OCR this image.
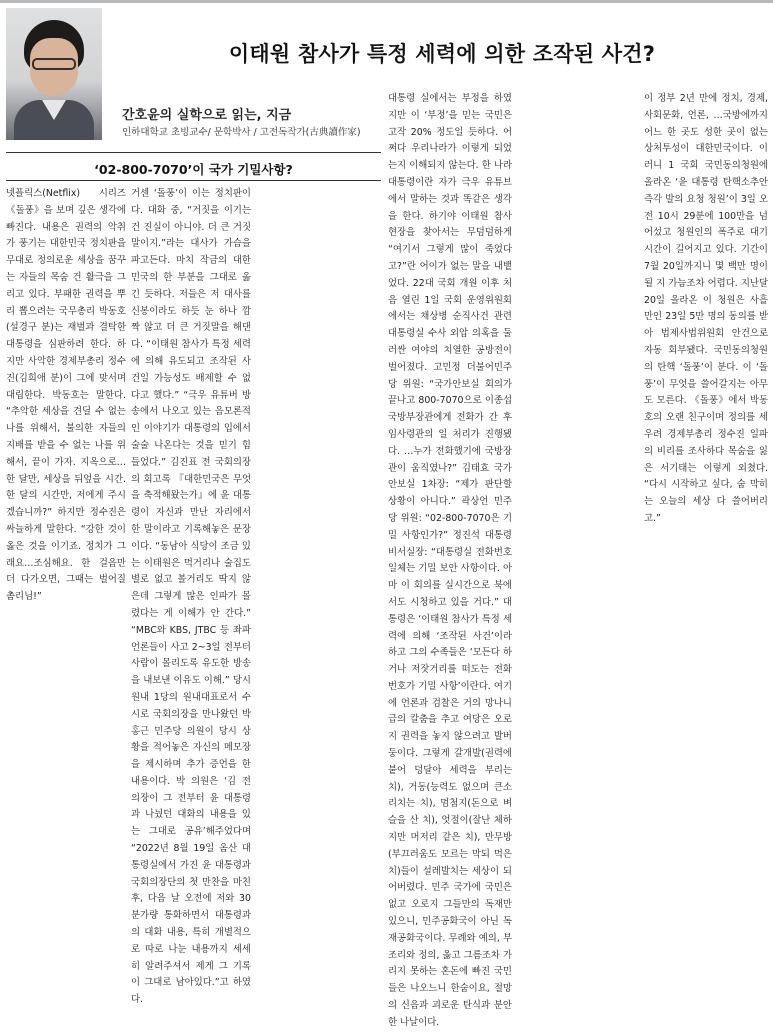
이태원 참사가 특정 세력에 의한 조작된 사건?
간호윤의 실학으로 읽는, 지금
인하대학교 초빙교수/ 문학박사 / 고전독작가(古典讀作家)
‘02-800-7070’이 국가 기밀사항?

넷플릭스(Netflix) 시리즈 《돌풍》을 보며 깊은 생각에 빠진다. 내용은 권력의 악취가 풍기는 대한민국 정치판을 무대로 정의로운 세상을 꿈꾸는 자들의 목숨 건 활극을 그리고 있다. 부패한 권력을 뿌리 뽑으려는 국무총리 박동호(설경구 분)는 재벌과 결탁한 대통령을 심판하려 한다. 하지만 사악한 경제부총리 정수진(김희애 분)이 그에 맞서며 대립한다. 박동호는 말한다. “추악한 세상을 견딜 수 없는 나를 위해서, 불의한 자들의 지배를 받을 수 없는 나를 위해서, 끝이 가자. 지옥으로…한 달만, 세상을 뒤엎을 시간. 한 달의 시간만, 저에게 주시겠습니까?” 하지만 정수진은 싸늘하게 말한다. “강한 것이 옳은 것을 이기죠. 정치가 그래요…조심해요. 한 걸음만 더 다가오면, 그때는 벌어질 촘리님!”

거센 ‘돌풍’이 이는 정치판이다. 대화 중, “거짓을 이기는 건 진실이 아니야. 더 큰 거짓말이지.”라는 대사가 가슴을 파고든다. 마치 작금의 대한민국의 한 부분을 그대로 옮긴 듯하다. 저들은 저 대사를 신봉이라도 하듯 눈 하나 깜짝 않고 더 큰 거짓말을 해댄다. “이태원 참사가 특정 세력에 의해 유도되고 조작된 사건일 가능성도 배제할 수 없다고 했다.” “극우 유튜버 방송에서 나오고 있는 음모론적인 이야기가 대통령의 입에서 술술 나온다는 것을 믿기 힘들었다.” 김진표 전 국회의장의 회고록 『대한민국은 무엇을 축적해왔는가』에 윤 대통령이 자신과 만난 자리에서 한 말이라고 기록해놓은 문장이다. “동남아 식당이 조금 있는 이태원은 먹거리나 술집도 별로 없고 볼거리도 딱지 않은데 그렇게 많은 인파가 몰렸다는 게 이해가 안 간다.” “MBC와 KBS, JTBC 등 좌파언론들이 사고 2~3일 전부터 사람이 몰리도록 유도한 방송을 내보낸 이유도 이해.” 당시 원내 1당의 원내대표로서 수시로 국회의장을 만나왔던 박홍근 민주당 의원이 당시 상황을 적어놓은 자신의 메모장을 제시하며 추가 증언을 한 내용이다. 박 의원은 ‘김 전 의장이 그 전부터 윤 대통령과 나눴던 대화의 내용을 있는 그대로 공유’해주었다며 “2022년 8월 19일 옴산 대통령실에서 가진 윤 대통령과 국회의장단의 첫 만찬을 마친 후, 다음 날 오전에 저와 30분가량 통화하면서 대통령과의 대화 내용, 특히 개별적으로 따로 나눈 내용까지 세세히 알려주셔서 제게 그 기록이 그대로 남아있다.”고 하였다.

대통령 실에서는 부정을 하였지만 이 ‘부정’을 믿는 국민은 고작 20% 정도일 듯하다. 어쩌다 우리나라가 이렇게 되었는지 이해되지 않는다. 한 나라 대통령이란 자가 극우 유튜브에서 말하는 것과 똑같은 생각을 한다. 하기야 이태원 참사 현장을 찾아서는 무덤덤하게 “여기서 그렇게 많이 죽었다고?”란 어이가 없는 말을 내뱉었다. 22대 국회 개원 이후 처음 열린 1일 국회 운영위원회에서는 채상병 순직사건 관련 대통령실 수사 외압 의혹을 둘러싼 여야의 치열한 공방전이 벌어졌다. 고민정 더불어민주당 위원: “국가안보실 회의가 끝나고 800-7070으로 이종섭 국방부장관에게 전화가 간 후 임사령관의 일 처리가 진행됐다. …누가 전화했기에 국방장관이 움직였나?” 김태효 국가안보실 1차장: “제가 판단할 상황이 아니다.” 곽상언 민주당 위원: “02-800-7070은 기밀 사항인가?” 정진석 대통령 비서실장: “대통령실 전화번호 일체는 기밀 보안 사항이다. 아마 이 회의를 실시간으로 북에서도 시청하고 있을 거다.” 대통령은 ‘이태원 참사가 특정 세력에 의해 ‘조작된 사건’이라 하고 그의 수족들은 ‘모든다 하거나 저잣거리를 떠도는 전화번호가 기밀 사항’이란다. 여기에 언론과 검찰은 거의 망나니급의 칼춤을 추고 여당은 오로지 권력을 놓지 않으려고 발버둥이다. 그렇게 갈개발(권력에 붙어 덩달아 세력을 부리는 치), 거동(능력도 없으며 큰소리치는 치), 멈첨지(돈으로 벼슬을 산 치), 엇절이(잘난 체하지만 머저리 같은 치), 만무방(부끄러움도 모르는 막되 먹은 치)들이 설레발치는 세상이 되어버렸다. 민주 국가에 국민은 없고 오로지 그들만의 독재만 있으니, 민주공화국이 아닌 독재공화국이다. 무례와 예의, 부조리와 정의, 옳고 그름조차 가리지 못하는 혼돈에 빠진 국민들은 나오느니 한숨이요, 절망의 신음과 괴로운 탄식과 분안한 나날이다.

이 정부 2년 만에 정치, 경제, 사회문화, 언론, …국방에까지 어느 한 곳도 성한 곳이 없는 상처투성이 대한민국이다. 이러니 1 국회 국민동의청원에 올라온 ‘윤 대통령 탄핵소추안 즉각 발의 요청 청원’이 3일 오전 10시 29분에 100만을 넘어섰고 청원인의 폭주로 대기 시간이 길어지고 있다. 기간이 7월 20일까지니 몇 백만 명이 될 지 가늠조차 어렵다. 지난달 20일 올라온 이 청원은 사흘 만인 23일 5만 명의 동의를 받아 법제사법위원회 안건으로 자동 회부됐다. 국민동의청원의 탄핵 ‘돌풍’이 분다. 이 ‘돌풍’이 무엇을 쓸어갈지는 아무도 모른다. 《돌풍》에서 박동호의 오랜 친구이며 정의를 세우려 경제부총리 정수진 일파의 비리를 조사하다 목숨을 잃은 서기태는 이렇게 외쳤다. “다시 시작하고 싶다, 숨 막히는 오늘의 세상 다 쓸어버리고.”
